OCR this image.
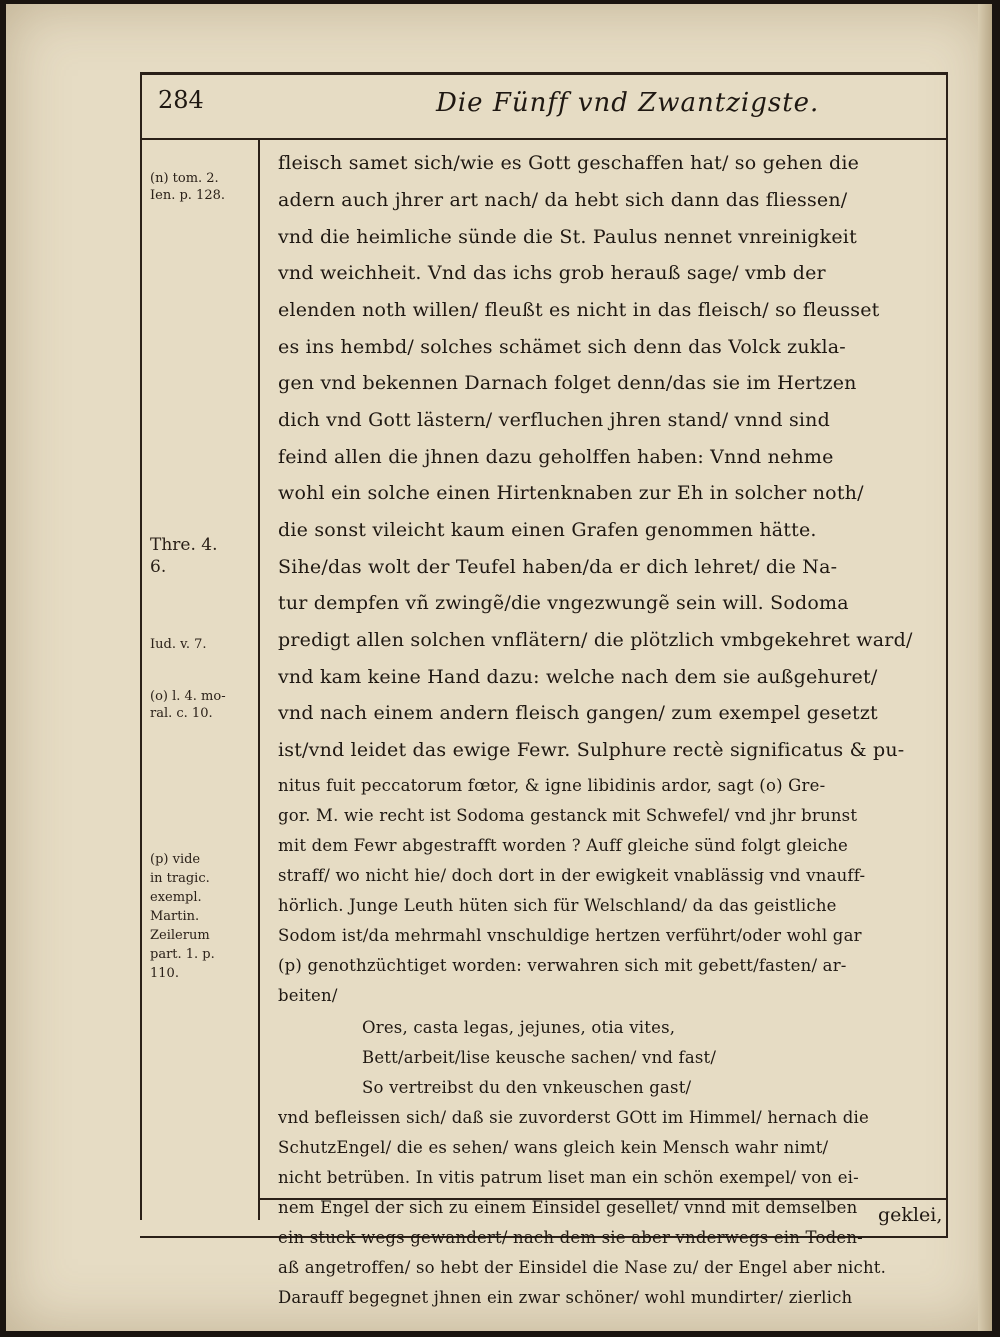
284	Die Fünff vnd Zwantzigste.
(n) tom. 2.
Ien. p. 128.
Thre. 4.
6.
Iud. v. 7.
(o) l. 4. mo-
ral. c. 10.
(p) vide
in tragic.
exempl.
Martin.
Zeilerum
part. 1. p.
110.
fleisch samet sich/wie es Gott geschaffen hat/ so gehen die
adern auch jhrer art nach/ da hebt sich dann das fliessen/
vnd die heimliche sünde die St. Paulus nennet vnreinigkeit
vnd weichheit. Vnd das ichs grob herauß sage/ vmb der
elenden noth willen/ fleußt es nicht in das fleisch/ so fleusset
es ins hembd/ solches schämet sich denn das Volck zukla-
gen vnd bekennen Darnach folget denn/das sie im Hertzen
dich vnd Gott lästern/ verfluchen jhren stand/ vnnd sind
feind allen die jhnen dazu geholffen haben: Vnnd nehme
wohl ein solche einen Hirtenknaben zur Eh in solcher noth/
die sonst vileicht kaum einen Grafen genommen hätte.
Sihe/das wolt der Teufel haben/da er dich lehret/ die Na-
tur dempfen vñ zwingẽ/die vngezwungẽ sein will. Sodoma
predigt allen solchen vnflätern/ die plötzlich vmbgekehret ward/
vnd kam keine Hand dazu: welche nach dem sie außgehuret/
vnd nach einem andern fleisch gangen/ zum exempel gesetzt
ist/vnd leidet das ewige Fewr. Sulphure rectè significatus & pu-
nitus fuit peccatorum fœtor, & igne libidinis ardor, sagt (o) Gre-
gor. M. wie recht ist Sodoma gestanck mit Schwefel/ vnd jhr brunst
mit dem Fewr abgestrafft worden ? Auff gleiche sünd folgt gleiche
straff/ wo nicht hie/ doch dort in der ewigkeit vnablässig vnd vnauff-
hörlich. Junge Leuth hüten sich für Welschland/ da das geistliche
Sodom ist/da mehrmahl vnschuldige hertzen verführt/oder wohl gar
(p) genothzüchtiget worden: verwahren sich mit gebett/fasten/ ar-
beiten/
Ores, casta legas, jejunes, otia vites,
Bett/arbeit/lise keusche sachen/ vnd fast/
So vertreibst du den vnkeuschen gast/
vnd befleissen sich/ daß sie zuvorderst GOtt im Himmel/ hernach die
SchutzEngel/ die es sehen/ wans gleich kein Mensch wahr nimt/
nicht betrüben. In vitis patrum liset man ein schön exempel/ von ei-
nem Engel der sich zu einem Einsidel gesellet/ vnnd mit demselben
ein stuck wegs gewandert/ nach dem sie aber vnderwegs ein Toden-
aß angetroffen/ so hebt der Einsidel die Nase zu/ der Engel aber nicht.
Darauff begegnet jhnen ein zwar schöner/ wohl mundirter/ zierlich
geklei,
